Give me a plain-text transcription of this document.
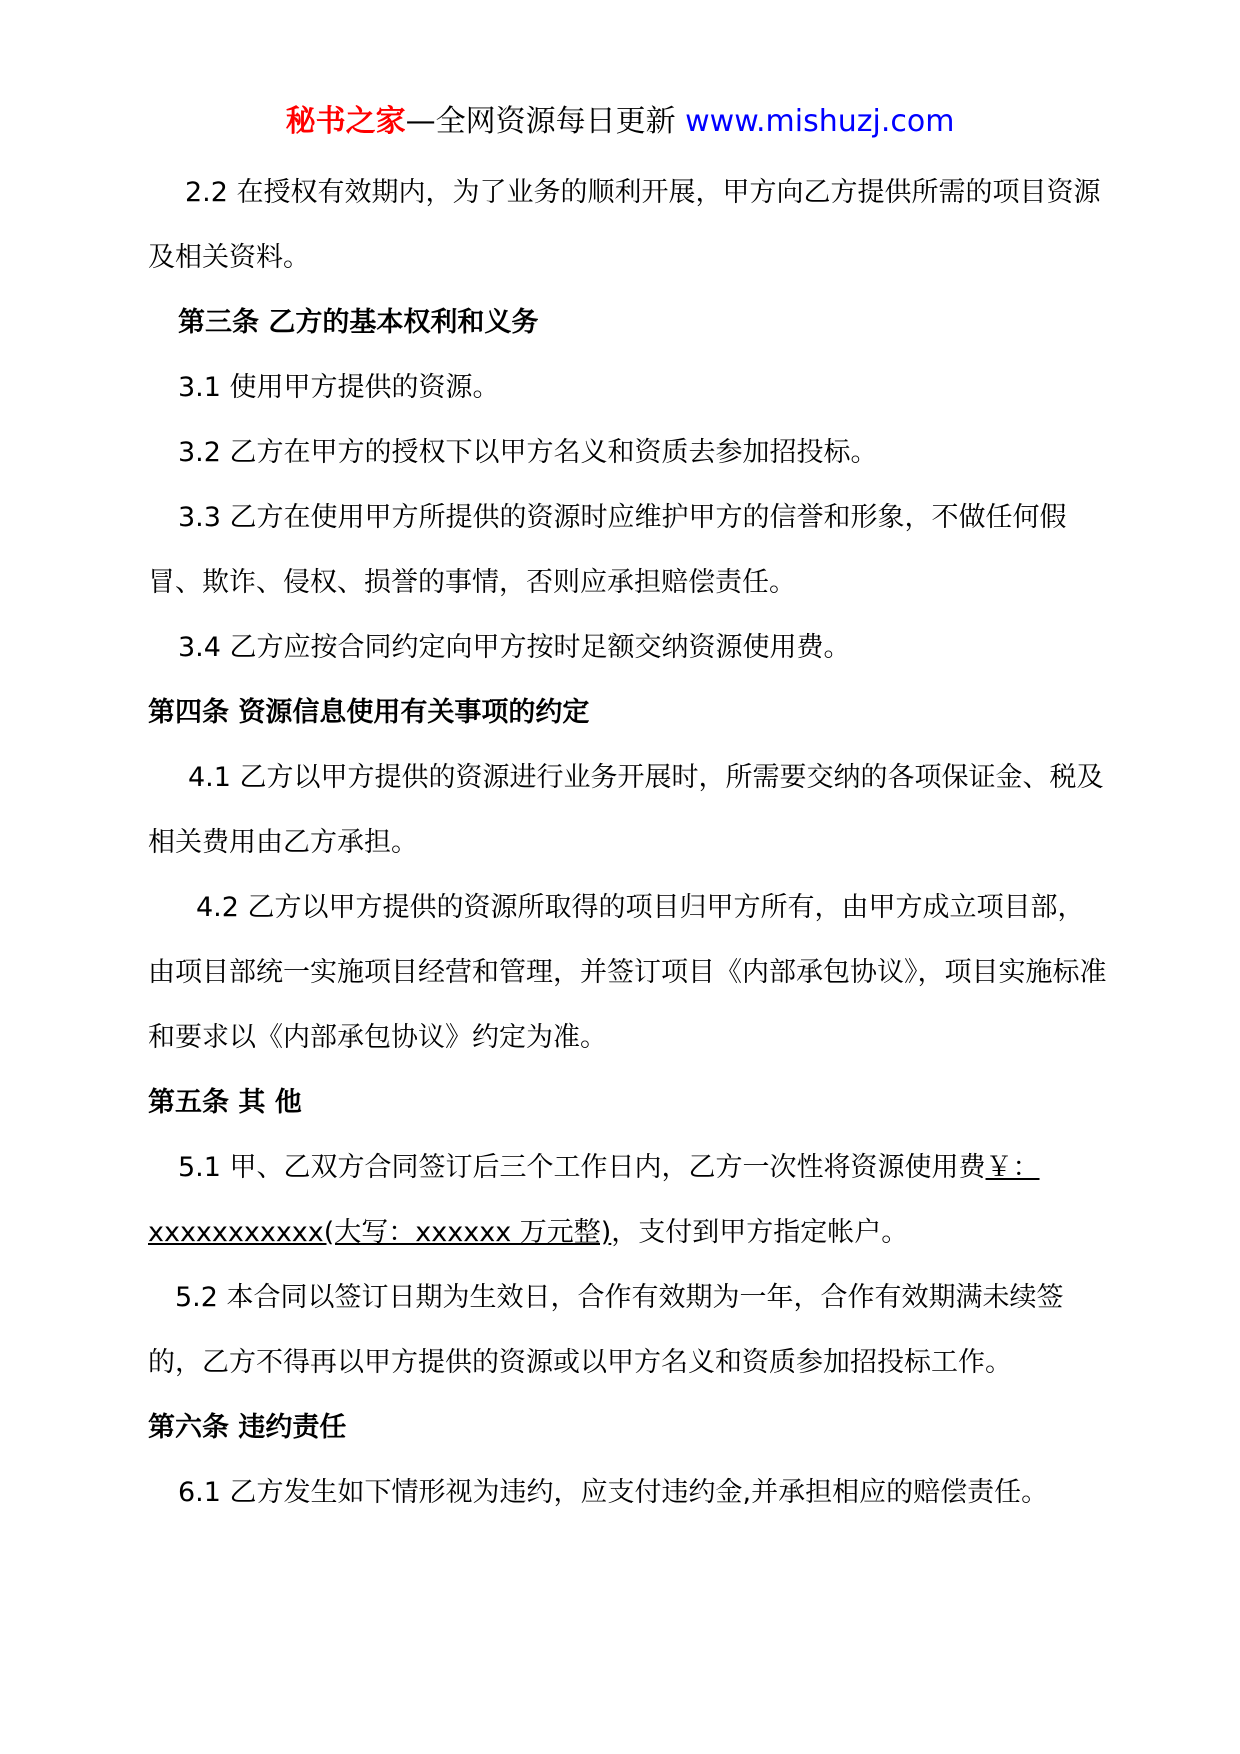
秘书之家—全网资源每日更新 www.mishuzj.com

2.2 在授权有效期内，为了业务的顺利开展，甲方向乙方提供所需的项目资源及相关资料。

第三条 乙方的基本权利和义务

3.1 使用甲方提供的资源。

3.2 乙方在甲方的授权下以甲方名义和资质去参加招投标。

3.3 乙方在使用甲方所提供的资源时应维护甲方的信誉和形象，不做任何假冒、欺诈、侵权、损誉的事情，否则应承担赔偿责任。

3.4 乙方应按合同约定向甲方按时足额交纳资源使用费。

第四条 资源信息使用有关事项的约定

4.1 乙方以甲方提供的资源进行业务开展时，所需要交纳的各项保证金、税及相关费用由乙方承担。

4.2 乙方以甲方提供的资源所取得的项目归甲方所有，由甲方成立项目部，由项目部统一实施项目经营和管理，并签订项目《内部承包协议》，项目实施标准和要求以《内部承包协议》约定为准。

第五条 其 他

5.1 甲、乙双方合同签订后三个工作日内，乙方一次性将资源使用费￥：xxxxxxxxxxx(大写：xxxxxx 万元整)，支付到甲方指定帐户。

5.2 本合同以签订日期为生效日，合作有效期为一年，合作有效期满未续签的，乙方不得再以甲方提供的资源或以甲方名义和资质参加招投标工作。

第六条 违约责任

6.1 乙方发生如下情形视为违约，应支付违约金,并承担相应的赔偿责任。
